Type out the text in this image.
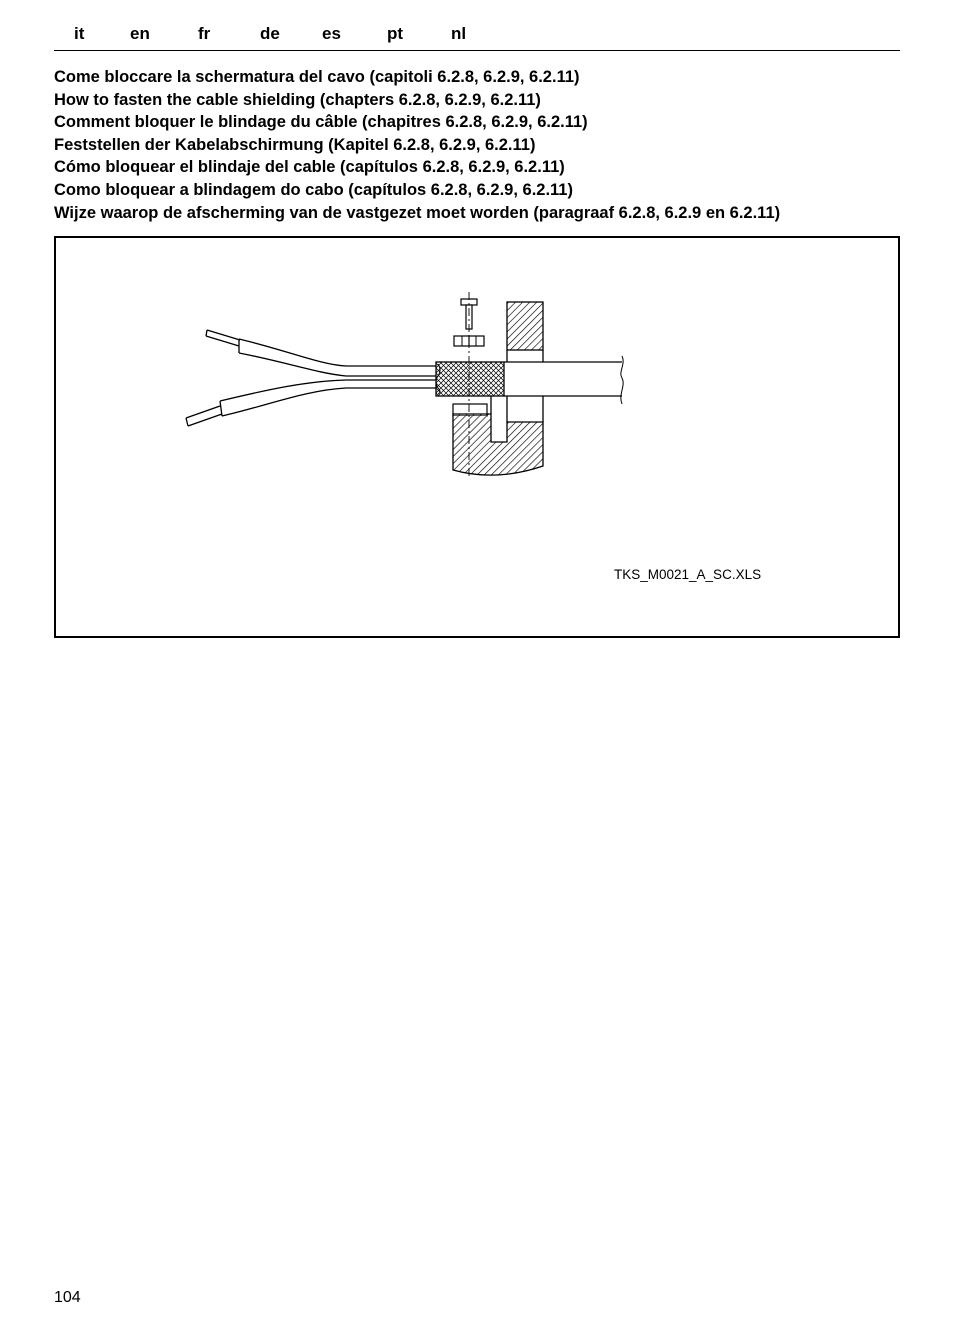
it	en	fr	de es	pt	nl
Come bloccare la schermatura del cavo (capitoli 6.2.8, 6.2.9, 6.2.11)
How to fasten the cable shielding (chapters 6.2.8, 6.2.9, 6.2.11)
Comment bloquer le blindage du câble (chapitres 6.2.8, 6.2.9, 6.2.11)
Feststellen der Kabelabschirmung (Kapitel 6.2.8, 6.2.9, 6.2.11)
Cómo bloquear el blindaje del cable (capítulos 6.2.8, 6.2.9, 6.2.11)
Como bloquear a blindagem do cabo (capítulos 6.2.8, 6.2.9, 6.2.11)
Wijze waarop de afscherming van de vastgezet moet worden (paragraaf 6.2.8, 6.2.9 en 6.2.11)
TKS_M0021_A_SC.XLS
104
